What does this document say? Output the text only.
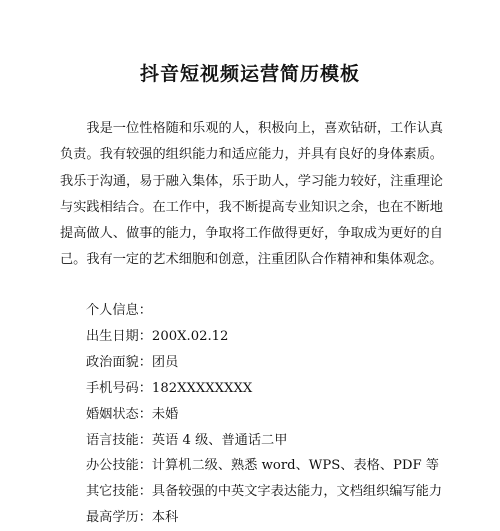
抖音短视频运营简历模板

我是一位性格随和乐观的人，积极向上，喜欢钻研，工作认真负责。我有较强的组织能力和适应能力，并具有良好的身体素质。我乐于沟通，易于融入集体，乐于助人，学习能力较好，注重理论与实践相结合。在工作中，我不断提高专业知识之余，也在不断地提高做人、做事的能力，争取将工作做得更好，争取成为更好的自己。我有一定的艺术细胞和创意，注重团队合作精神和集体观念。

个人信息：
出生日期：200X.02.12
政治面貌：团员
手机号码：182XXXXXXXX
婚姻状态：未婚
语言技能：英语 4 级、普通话二甲
办公技能：计算机二级、熟悉 word、WPS、表格、PDF 等
其它技能：具备较强的中英文字表达能力，文档组织编写能力
最高学历：本科
